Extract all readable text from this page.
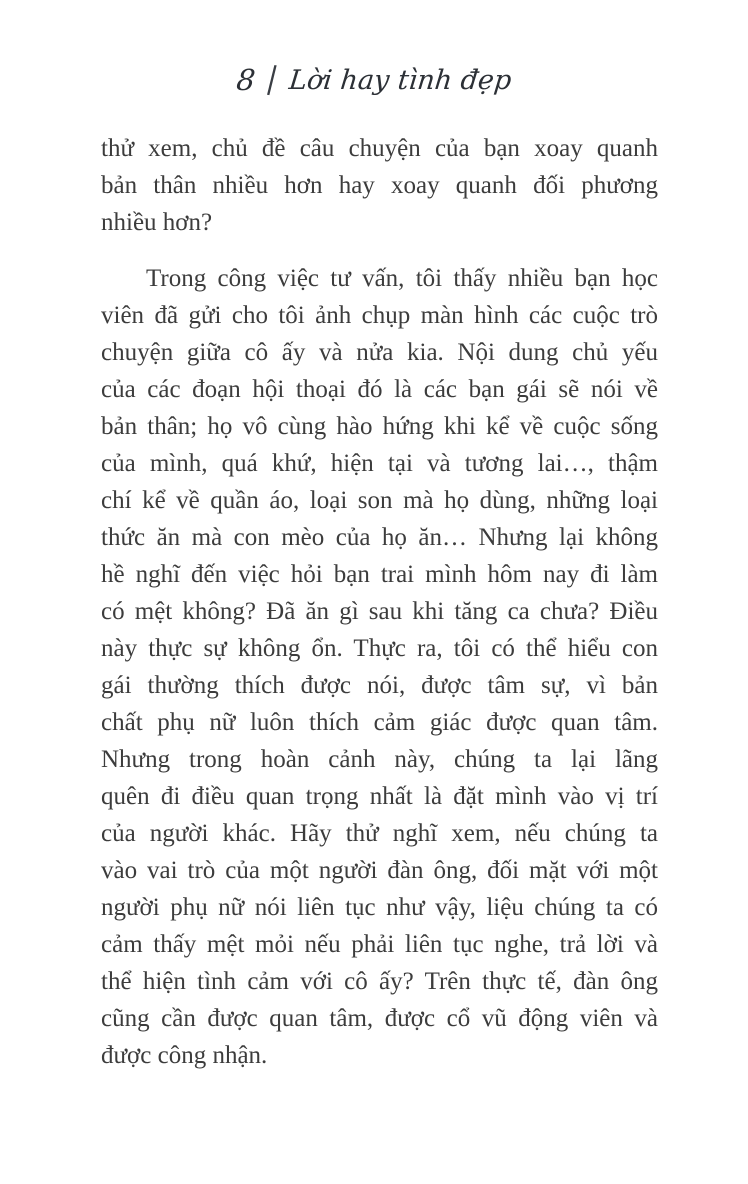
8 | Lời hay tình đẹp
thử xem, chủ đề câu chuyện của bạn xoay quanh
bản thân nhiều hơn hay xoay quanh đối phương
nhiều hơn?
Trong công việc tư vấn, tôi thấy nhiều bạn học
viên đã gửi cho tôi ảnh chụp màn hình các cuộc trò
chuyện giữa cô ấy và nửa kia. Nội dung chủ yếu
của các đoạn hội thoại đó là các bạn gái sẽ nói về
bản thân; họ vô cùng hào hứng khi kể về cuộc sống
của mình, quá khứ, hiện tại và tương lai…, thậm
chí kể về quần áo, loại son mà họ dùng, những loại
thức ăn mà con mèo của họ ăn… Nhưng lại không
hề nghĩ đến việc hỏi bạn trai mình hôm nay đi làm
có mệt không? Đã ăn gì sau khi tăng ca chưa? Điều
này thực sự không ổn. Thực ra, tôi có thể hiểu con
gái thường thích được nói, được tâm sự, vì bản
chất phụ nữ luôn thích cảm giác được quan tâm.
Nhưng trong hoàn cảnh này, chúng ta lại lãng
quên đi điều quan trọng nhất là đặt mình vào vị trí
của người khác. Hãy thử nghĩ xem, nếu chúng ta
vào vai trò của một người đàn ông, đối mặt với một
người phụ nữ nói liên tục như vậy, liệu chúng ta có
cảm thấy mệt mỏi nếu phải liên tục nghe, trả lời và
thể hiện tình cảm với cô ấy? Trên thực tế, đàn ông
cũng cần được quan tâm, được cổ vũ động viên và
được công nhận.
